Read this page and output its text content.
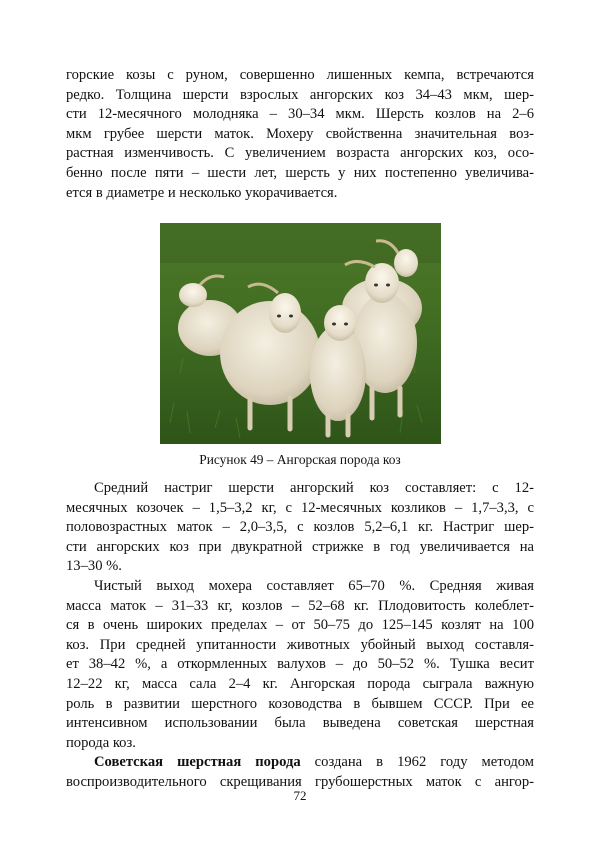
горские козы с руном, совершенно лишенных кемпа, встречаются
редко. Толщина шерсти взрослых ангорских коз 34–43 мкм, шер-
сти 12-месячного молодняка – 30–34 мкм. Шерсть козлов на 2–6
мкм грубее шерсти маток. Мохеру свойственна значительная воз-
растная изменчивость. С увеличением возраста ангорских коз, осо-
бенно после пяти – шести лет, шерсть у них постепенно увеличива-
ется в диаметре и несколько укорачивается.

Рисунок 49 – Ангорская порода коз

Средний настриг шерсти ангорский коз составляет: с 12-
месячных козочек – 1,5–3,2 кг, с 12-месячных козликов – 1,7–3,3, с
половозрастных маток – 2,0–3,5, с козлов 5,2–6,1 кг. Настриг шер-
сти ангорских коз при двукратной стрижке в год увеличивается на
13–30 %.

Чистый выход мохера составляет 65–70 %. Средняя живая
масса маток – 31–33 кг, козлов – 52–68 кг. Плодовитость колеблет-
ся в очень широких пределах – от 50–75 до 125–145 козлят на 100
коз. При средней упитанности животных убойный выход составля-
ет 38–42 %, а откормленных валухов – до 50–52 %. Тушка весит
12–22 кг, масса сала 2–4 кг. Ангорская порода сыграла важную
роль в развитии шерстного козоводства в бывшем СССР. При ее
интенсивном использовании была выведена советская шерстная
порода коз.

Советская шерстная порода создана в 1962 году методом
воспроизводительного скрещивания грубошерстных маток с ангор-

72
